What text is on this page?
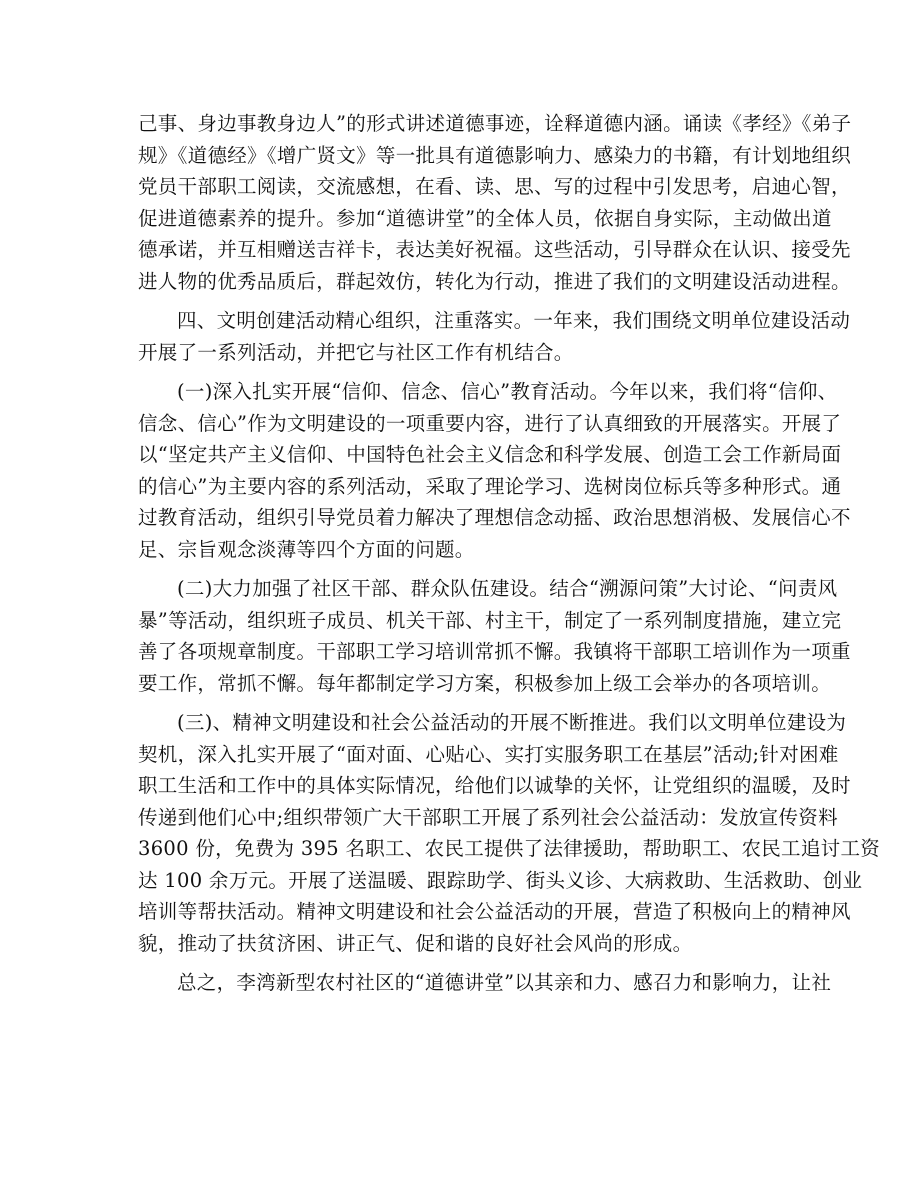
己事、身边事教身边人”的形式讲述道德事迹，诠释道德内涵。诵读《孝经》《弟子
规》《道德经》《增广贤文》等一批具有道德影响力、感染力的书籍，有计划地组织
党员干部职工阅读，交流感想，在看、读、思、写的过程中引发思考，启迪心智，
促进道德素养的提升。参加“道德讲堂”的全体人员，依据自身实际，主动做出道
德承诺，并互相赠送吉祥卡，表达美好祝福。这些活动，引导群众在认识、接受先
进人物的优秀品质后，群起效仿，转化为行动，推进了我们的文明建设活动进程。
四、文明创建活动精心组织，注重落实。一年来，我们围绕文明单位建设活动
开展了一系列活动，并把它与社区工作有机结合。
(一)深入扎实开展“信仰、信念、信心”教育活动。今年以来，我们将“信仰、
信念、信心”作为文明建设的一项重要内容，进行了认真细致的开展落实。开展了
以“坚定共产主义信仰、中国特色社会主义信念和科学发展、创造工会工作新局面
的信心”为主要内容的系列活动，采取了理论学习、选树岗位标兵等多种形式。通
过教育活动，组织引导党员着力解决了理想信念动摇、政治思想消极、发展信心不
足、宗旨观念淡薄等四个方面的问题。
(二)大力加强了社区干部、群众队伍建设。结合“溯源问策”大讨论、“问责风
暴”等活动，组织班子成员、机关干部、村主干，制定了一系列制度措施，建立完
善了各项规章制度。干部职工学习培训常抓不懈。我镇将干部职工培训作为一项重
要工作，常抓不懈。每年都制定学习方案，积极参加上级工会举办的各项培训。
(三)、精神文明建设和社会公益活动的开展不断推进。我们以文明单位建设为
契机，深入扎实开展了“面对面、心贴心、实打实服务职工在基层”活动;针对困难
职工生活和工作中的具体实际情况，给他们以诚挚的关怀，让党组织的温暖，及时
传递到他们心中;组织带领广大干部职工开展了系列社会公益活动：发放宣传资料
3600 份，免费为 395 名职工、农民工提供了法律援助，帮助职工、农民工追讨工资
达 100 余万元。开展了送温暖、跟踪助学、街头义诊、大病救助、生活救助、创业
培训等帮扶活动。精神文明建设和社会公益活动的开展，营造了积极向上的精神风
貌，推动了扶贫济困、讲正气、促和谐的良好社会风尚的形成。
总之，李湾新型农村社区的“道德讲堂”以其亲和力、感召力和影响力，让社
